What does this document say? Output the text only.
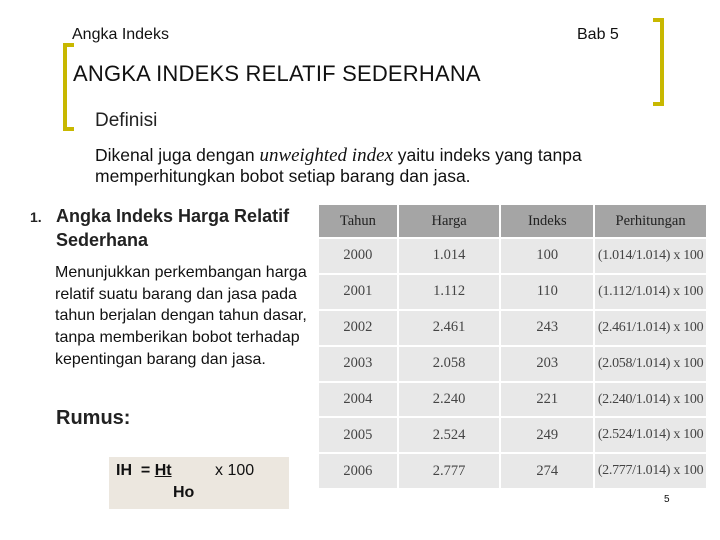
Angka Indeks	Bab 5
ANGKA INDEKS RELATIF SEDERHANA
Definisi
Dikenal juga dengan unweighted index yaitu indeks yang tanpa memperhitungkan bobot setiap barang dan jasa.
1. Angka Indeks Harga Relatif Sederhana
Menunjukkan perkembangan harga relatif suatu barang dan jasa pada tahun berjalan dengan tahun dasar, tanpa memberikan bobot terhadap kepentingan barang dan jasa.
Rumus:
IH  = Ht	x 100
Ho
Tahun	Harga	Indeks	Perhitungan
2000	1.014	100	(1.014/1.014) x 100
2001	1.112	110	(1.112/1.014) x 100
2002	2.461	243	(2.461/1.014) x 100
2003	2.058	203	(2.058/1.014) x 100
2004	2.240	221	(2.240/1.014) x 100
2005	2.524	249	(2.524/1.014) x 100
2006	2.777	274	(2.777/1.014) x 100
5
